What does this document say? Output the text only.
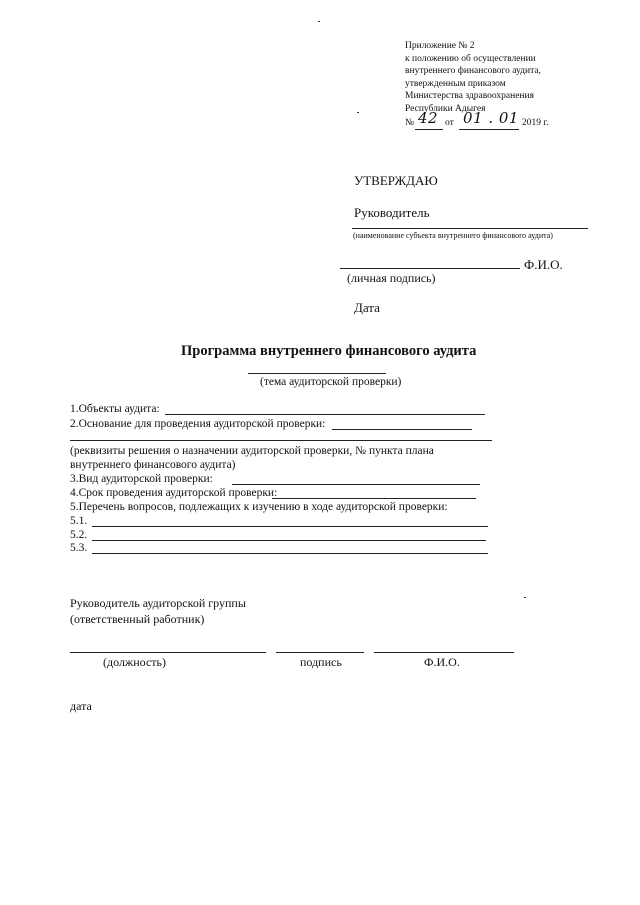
Приложение № 2
к положению об осуществлении
внутреннего финансового аудита,
утвержденным приказом
Министерства здравоохранения
Республики Адыгея
№ 42 от 01 . 01 2019 г.
УТВЕРЖДАЮ
Руководитель
(наименование субъекта внутреннего финансового аудита)
Ф.И.О.
(личная подпись)
Дата
Программа внутреннего финансового аудита
(тема аудиторской проверки)
1.Объекты аудита:
2.Основание для проведения аудиторской проверки:
(реквизиты решения о назначении аудиторской проверки, № пункта плана
внутреннего финансового аудита)
3.Вид аудиторской проверки:
4.Срок проведения аудиторской проверки:
5.Перечень вопросов, подлежащих к изучению в ходе аудиторской проверки:
5.1.
5.2.
5.3.
Руководитель аудиторской группы
(ответственный работник)
(должность)	подпись	Ф.И.О.
дата
